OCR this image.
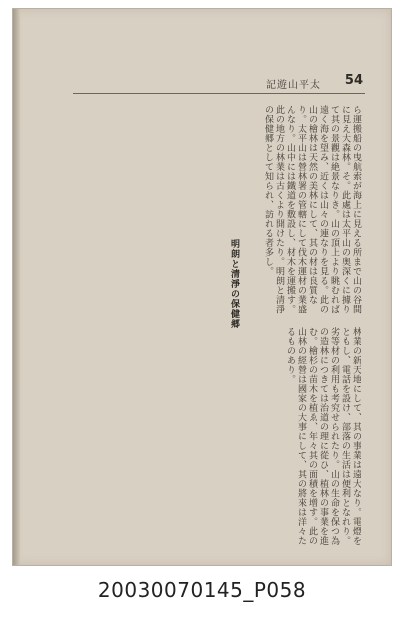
記遊山平太 54
ら運搬船の曳航索が海上に見える所まで山の谷間に見え大森林。そ。此處は太平山の奥深くに據りて其の景觀は絶景なりき。山の頂上より眺むれば遠く海を望み、近くは山々の連なりを見る。此の山の檜林は天然の美林にして、其の材は良質なり。太平山は營林署の管轄にして伐木運材の業盛んなり。山中には鐵道を敷設し、材木を運搬す。此の地方の林業は古くより開けたり。明朗と清淨の保健郷として知られ、訪れる者多し。
明朗と清淨の保健郷
林業の新天地にして、其の事業は遠大なり。電燈をともし、電話を設け、部落の生活は便利となれり。劣等材の利用も考究せられたり。山の生命を保つ為の造林につきては治道の理に從ひ、植林の事業を進む。檜杉の苗木を植ゑ、年々其の面積を增す。此の山林の經營は國家の大事にして、其の將來は洋々たるものあり。
20030070145_P058
